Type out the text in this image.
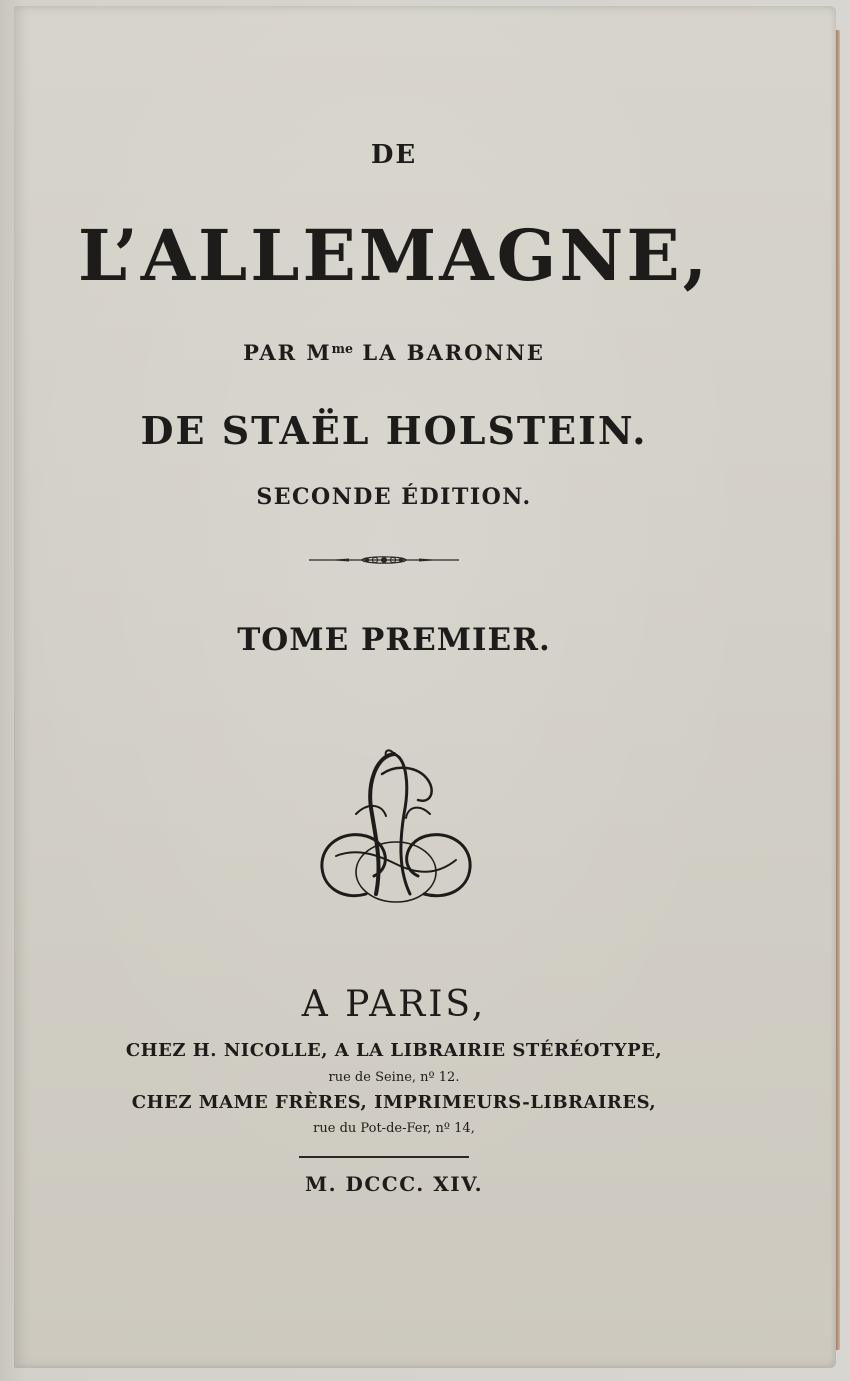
DE
L’ALLEMAGNE,
PAR $M^{me}$ LA BARONNE
DE STAËL HOLSTEIN.
SECONDE ÉDITION.
TOME PREMIER.
A PARIS,
CHEZ H. NICOLLE, A LA LIBRAIRIE STÉRÉOTYPE,
rue de Seine, nº 12.
CHEZ MAME FRÈRES, IMPRIMEURS-LIBRAIRES,
rue du Pot-de-Fer, nº 14,
M. DCCC. XIV.
